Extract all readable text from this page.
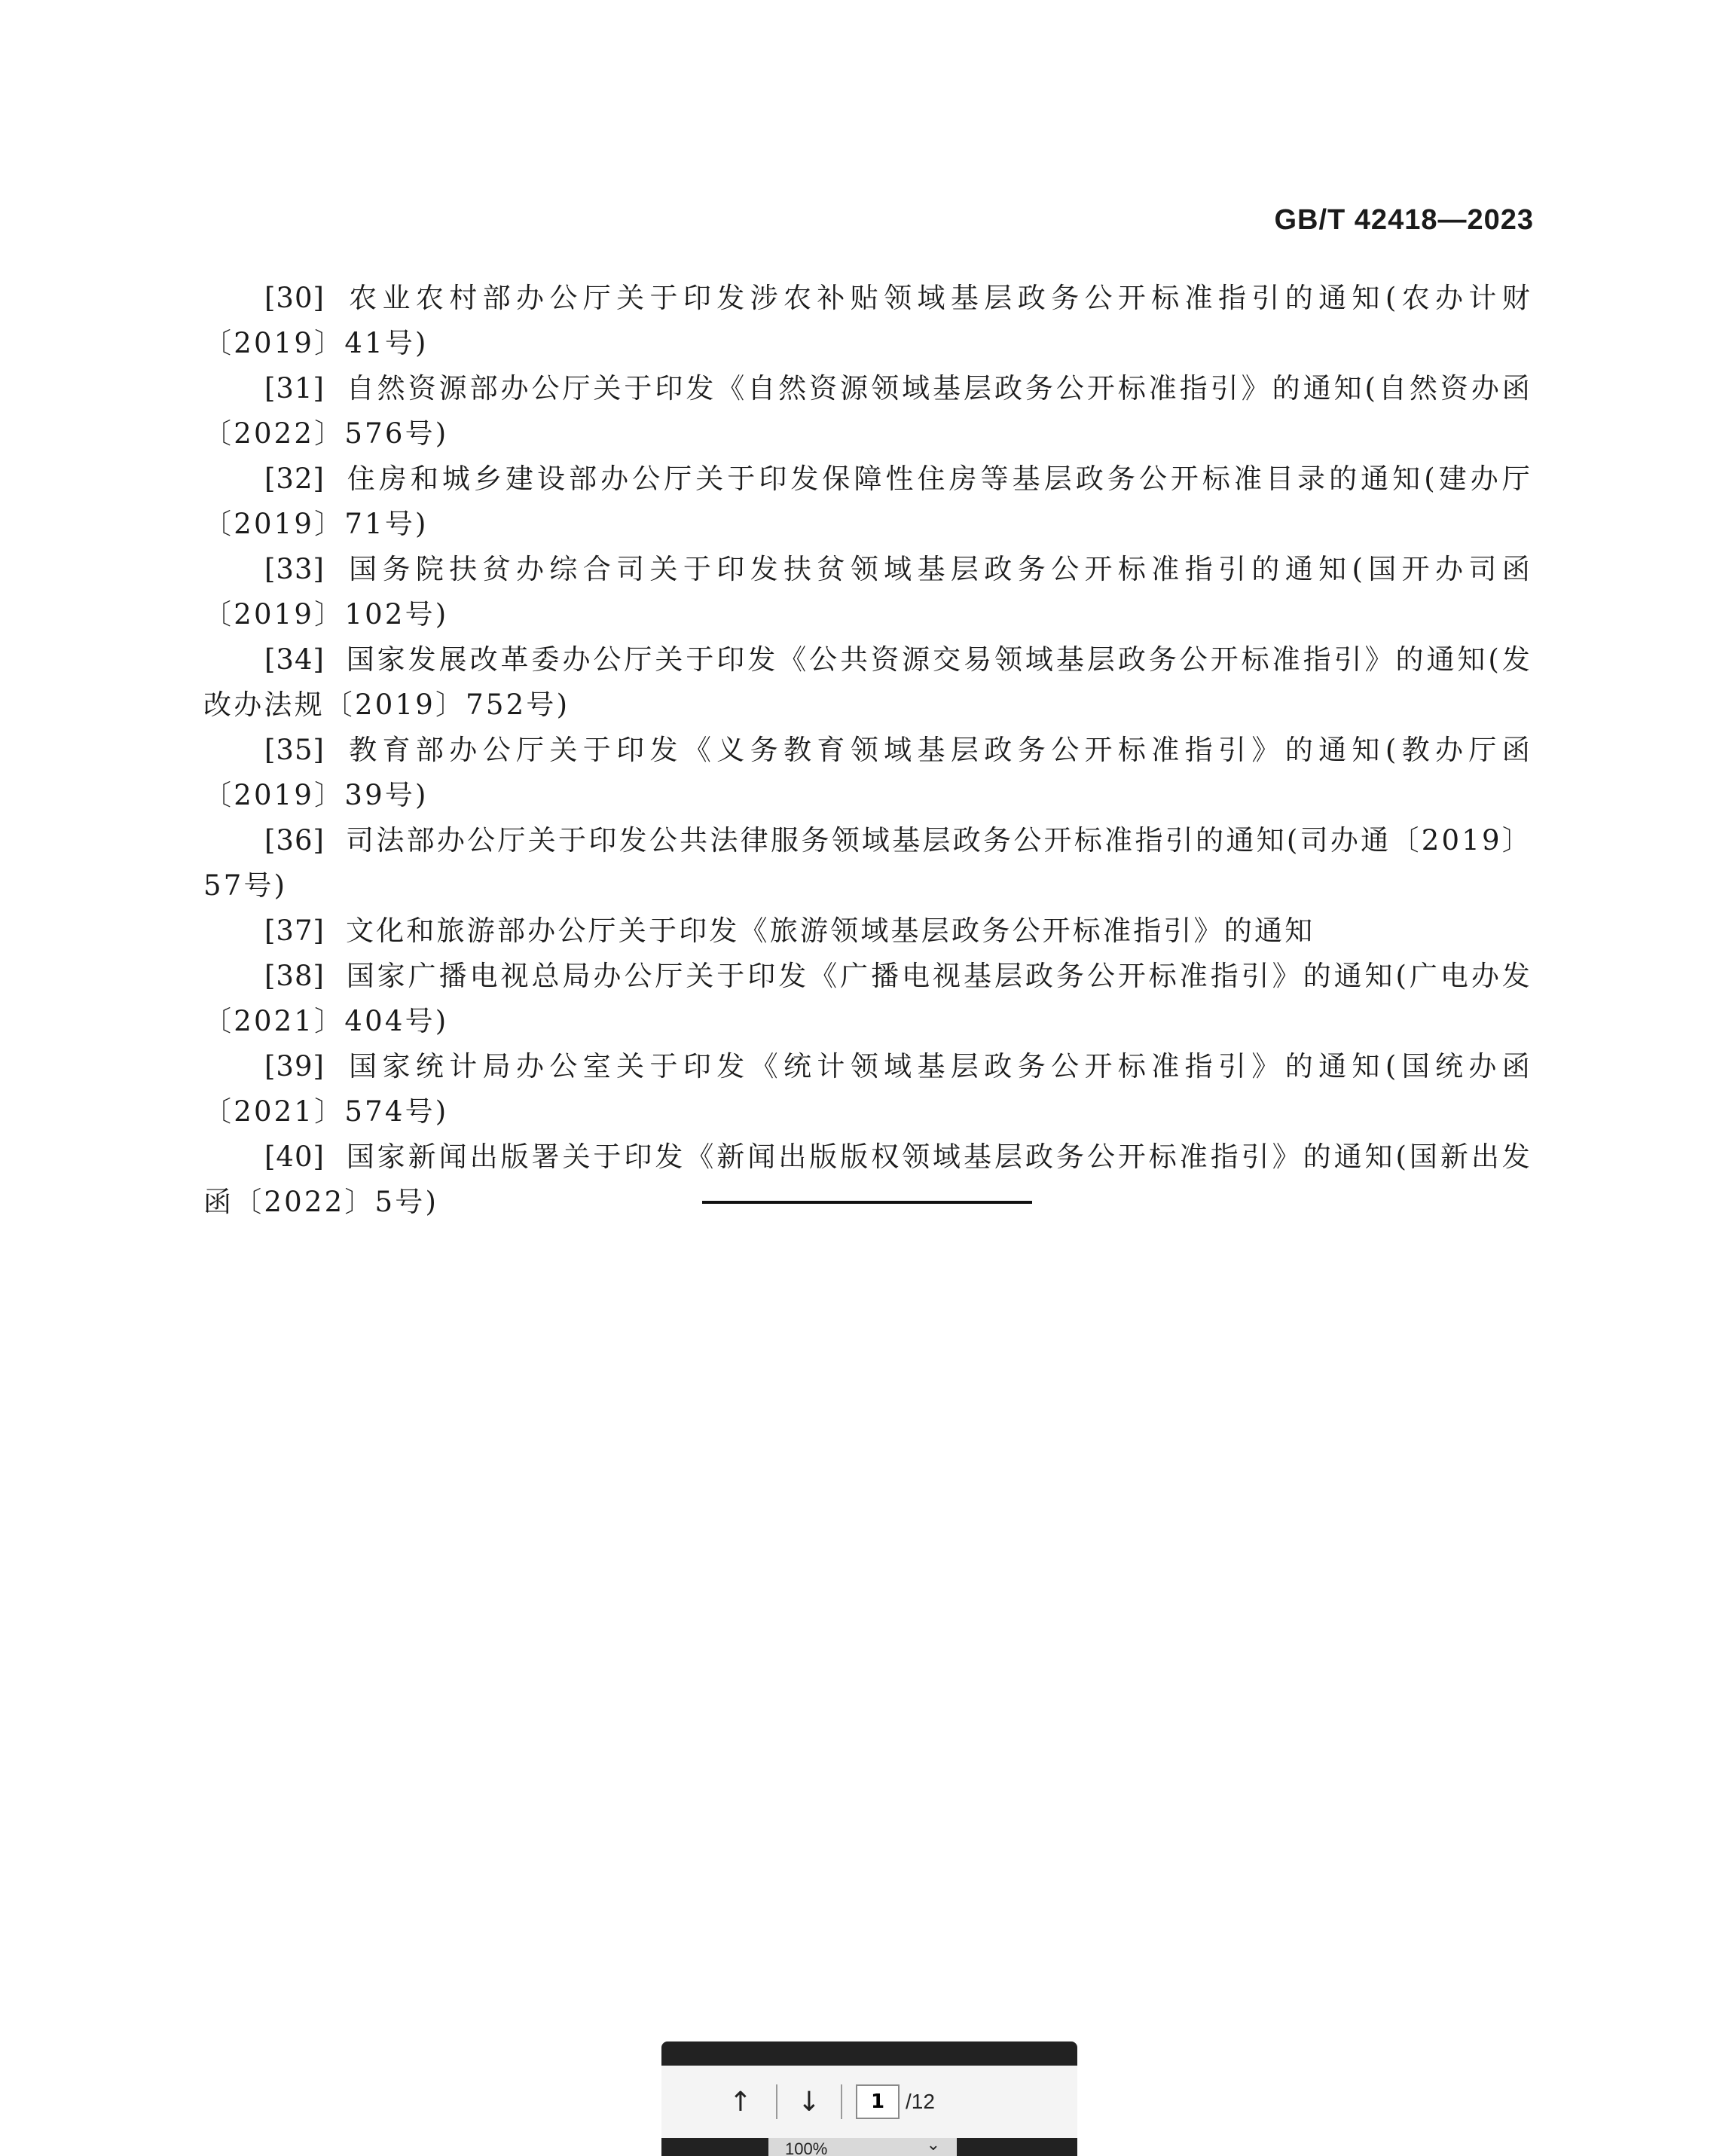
GB/T 42418—2023

[30] 农业农村部办公厅关于印发涉农补贴领域基层政务公开标准指引的通知(农办计财〔2019〕41号)

[31] 自然资源部办公厅关于印发《自然资源领域基层政务公开标准指引》的通知(自然资办函〔2022〕576号)

[32] 住房和城乡建设部办公厅关于印发保障性住房等基层政务公开标准目录的通知(建办厅〔2019〕71号)

[33] 国务院扶贫办综合司关于印发扶贫领域基层政务公开标准指引的通知(国开办司函〔2019〕102号)

[34] 国家发展改革委办公厅关于印发《公共资源交易领域基层政务公开标准指引》的通知(发改办法规〔2019〕752号)

[35] 教育部办公厅关于印发《义务教育领域基层政务公开标准指引》的通知(教办厅函〔2019〕39号)

[36] 司法部办公厅关于印发公共法律服务领域基层政务公开标准指引的通知(司办通〔2019〕57号)

[37] 文化和旅游部办公厅关于印发《旅游领域基层政务公开标准指引》的通知

[38] 国家广播电视总局办公厅关于印发《广播电视基层政务公开标准指引》的通知(广电办发〔2021〕404号)

[39] 国家统计局办公室关于印发《统计领域基层政务公开标准指引》的通知(国统办函〔2021〕574号)

[40] 国家新闻出版署关于印发《新闻出版版权领域基层政务公开标准指引》的通知(国新出发函〔2022〕5号)

↑ ↓
1	/12
100%	⌄
